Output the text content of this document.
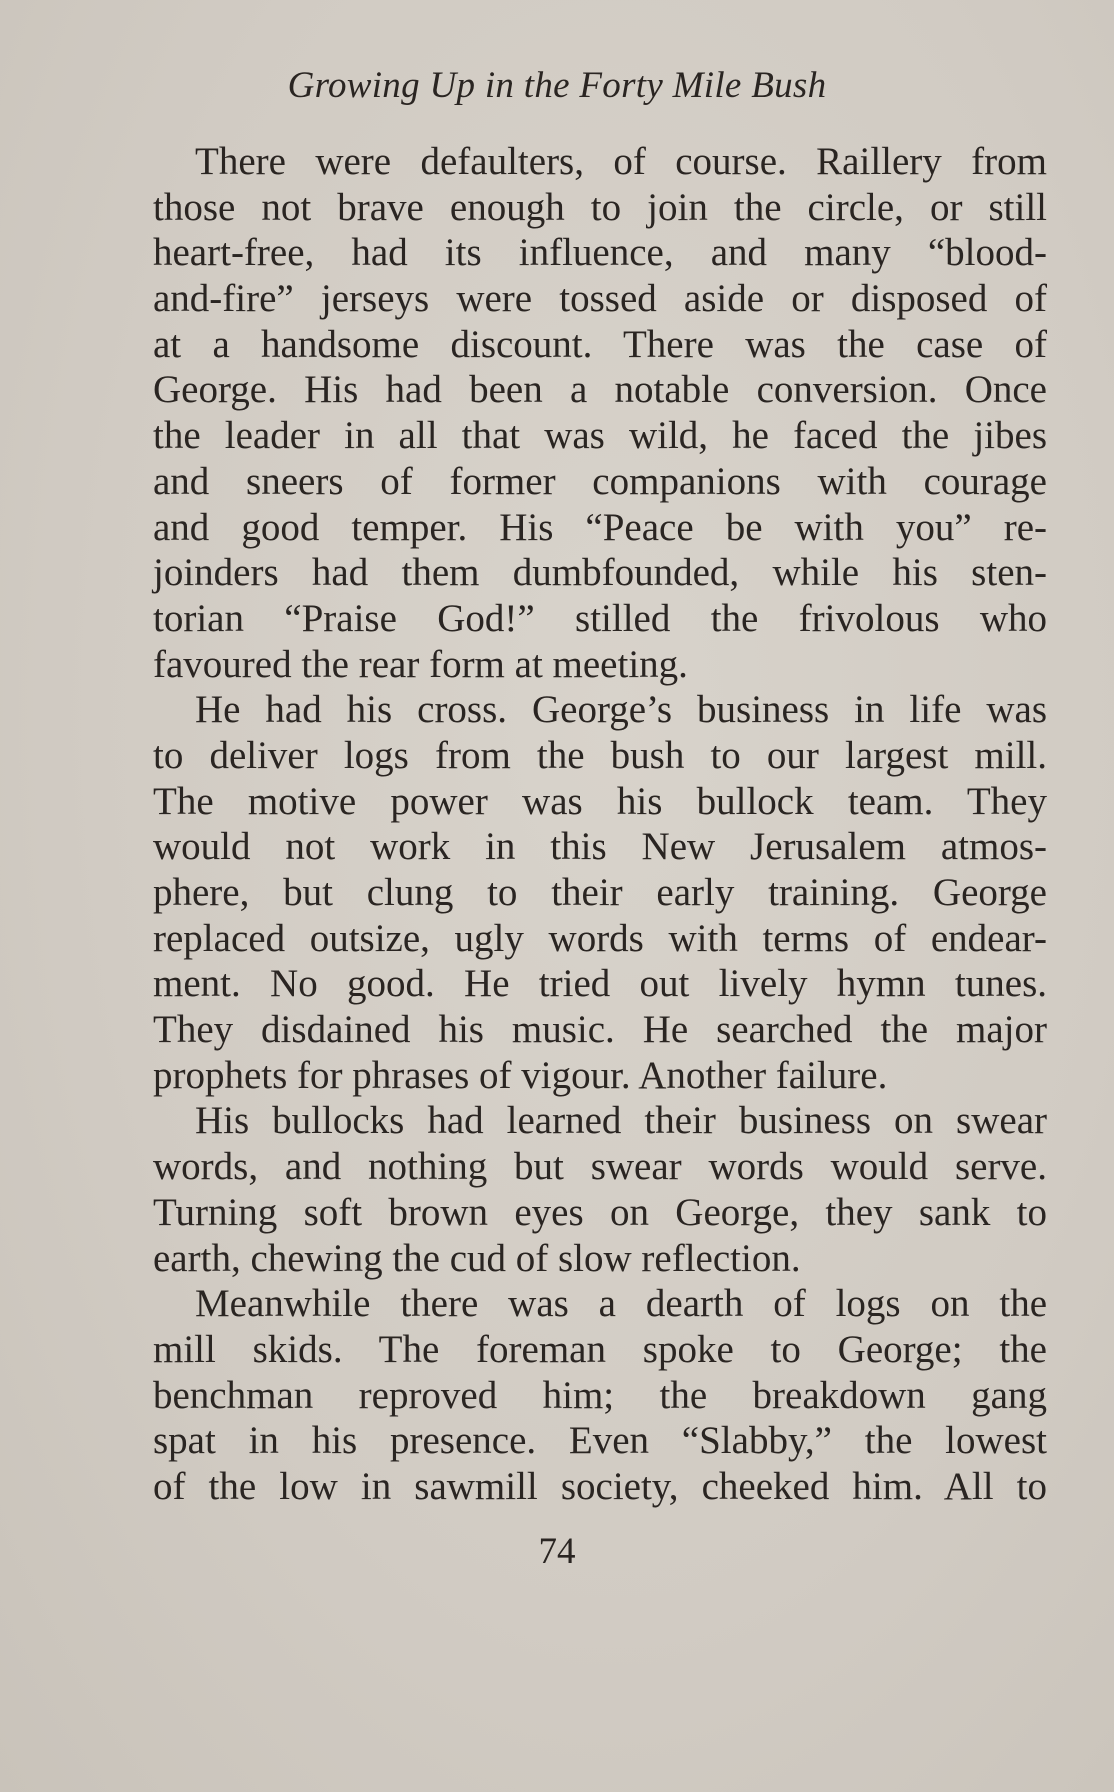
Growing Up in the Forty Mile Bush
There were defaulters, of course. Raillery from
those not brave enough to join the circle, or still
heart-free, had its influence, and many “blood-
and-fire” jerseys were tossed aside or disposed of
at a handsome discount. There was the case of
George. His had been a notable conversion. Once
the leader in all that was wild, he faced the jibes
and sneers of former companions with courage
and good temper. His “Peace be with you” re-
joinders had them dumbfounded, while his sten-
torian “Praise God!” stilled the frivolous who
favoured the rear form at meeting.
He had his cross. George’s business in life was
to deliver logs from the bush to our largest mill.
The motive power was his bullock team. They
would not work in this New Jerusalem atmos-
phere, but clung to their early training. George
replaced outsize, ugly words with terms of endear-
ment. No good. He tried out lively hymn tunes.
They disdained his music. He searched the major
prophets for phrases of vigour. Another failure.
His bullocks had learned their business on swear
words, and nothing but swear words would serve.
Turning soft brown eyes on George, they sank to
earth, chewing the cud of slow reflection.
Meanwhile there was a dearth of logs on the
mill skids. The foreman spoke to George; the
benchman reproved him; the breakdown gang
spat in his presence. Even “Slabby,” the lowest
of the low in sawmill society, cheeked him. All to
74
